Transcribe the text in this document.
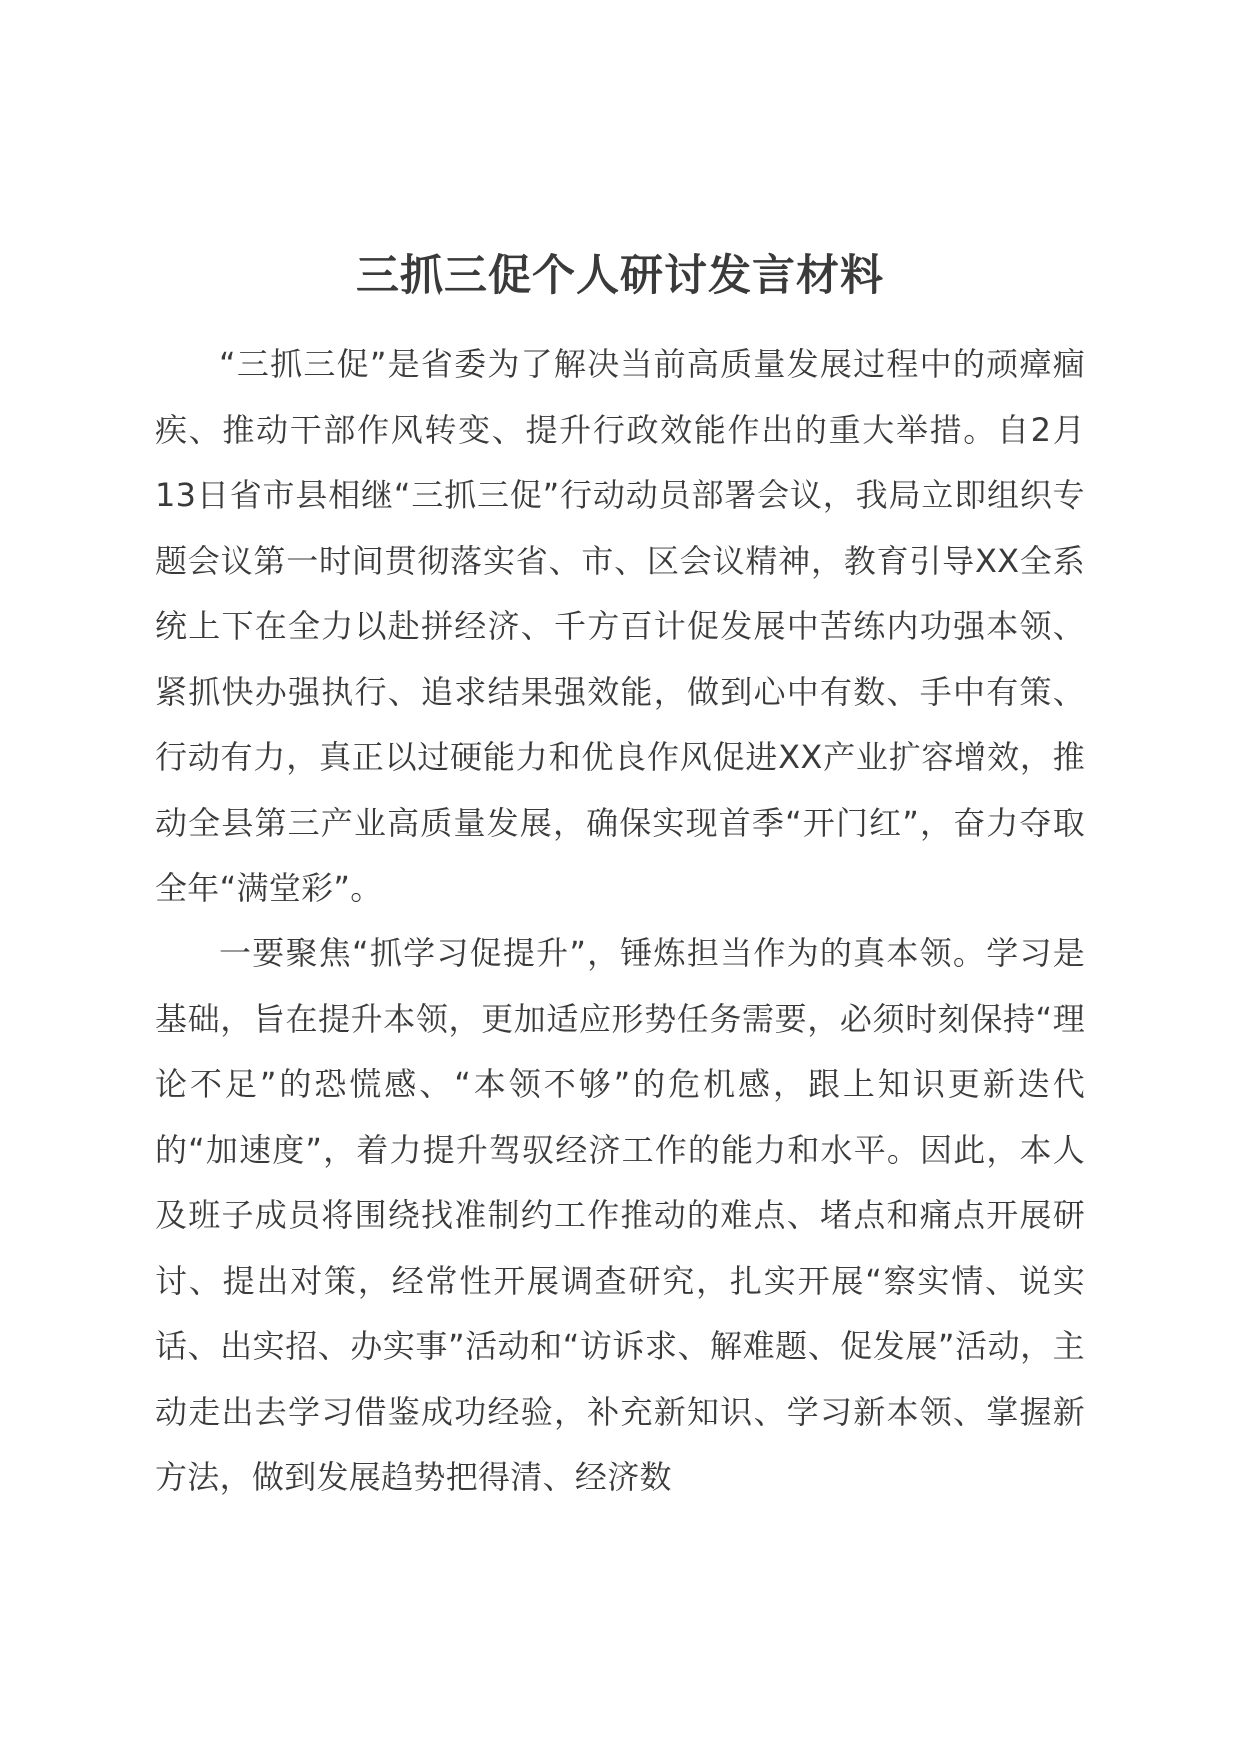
三抓三促个人研讨发言材料

“三抓三促”是省委为了解决当前高质量发展过程中的顽瘴痼疾、推动干部作风转变、提升行政效能作出的重大举措。自2月13日省市县相继“三抓三促”行动动员部署会议，我局立即组织专题会议第一时间贯彻落实省、市、区会议精神，教育引导XX全系统上下在全力以赴拼经济、千方百计促发展中苦练内功强本领、紧抓快办强执行、追求结果强效能，做到心中有数、手中有策、行动有力，真正以过硬能力和优良作风促进XX产业扩容增效，推动全县第三产业高质量发展，确保实现首季“开门红”，奋力夺取全年“满堂彩”。

一要聚焦“抓学习促提升”，锤炼担当作为的真本领。学习是基础，旨在提升本领，更加适应形势任务需要，必须时刻保持“理论不足”的恐慌感、“本领不够”的危机感，跟上知识更新迭代的“加速度”，着力提升驾驭经济工作的能力和水平。因此，本人及班子成员将围绕找准制约工作推动的难点、堵点和痛点开展研讨、提出对策，经常性开展调查研究，扎实开展“察实情、说实话、出实招、办实事”活动和“访诉求、解难题、促发展”活动，主动走出去学习借鉴成功经验，补充新知识、学习新本领、掌握新方法，做到发展趋势把得清、经济数
